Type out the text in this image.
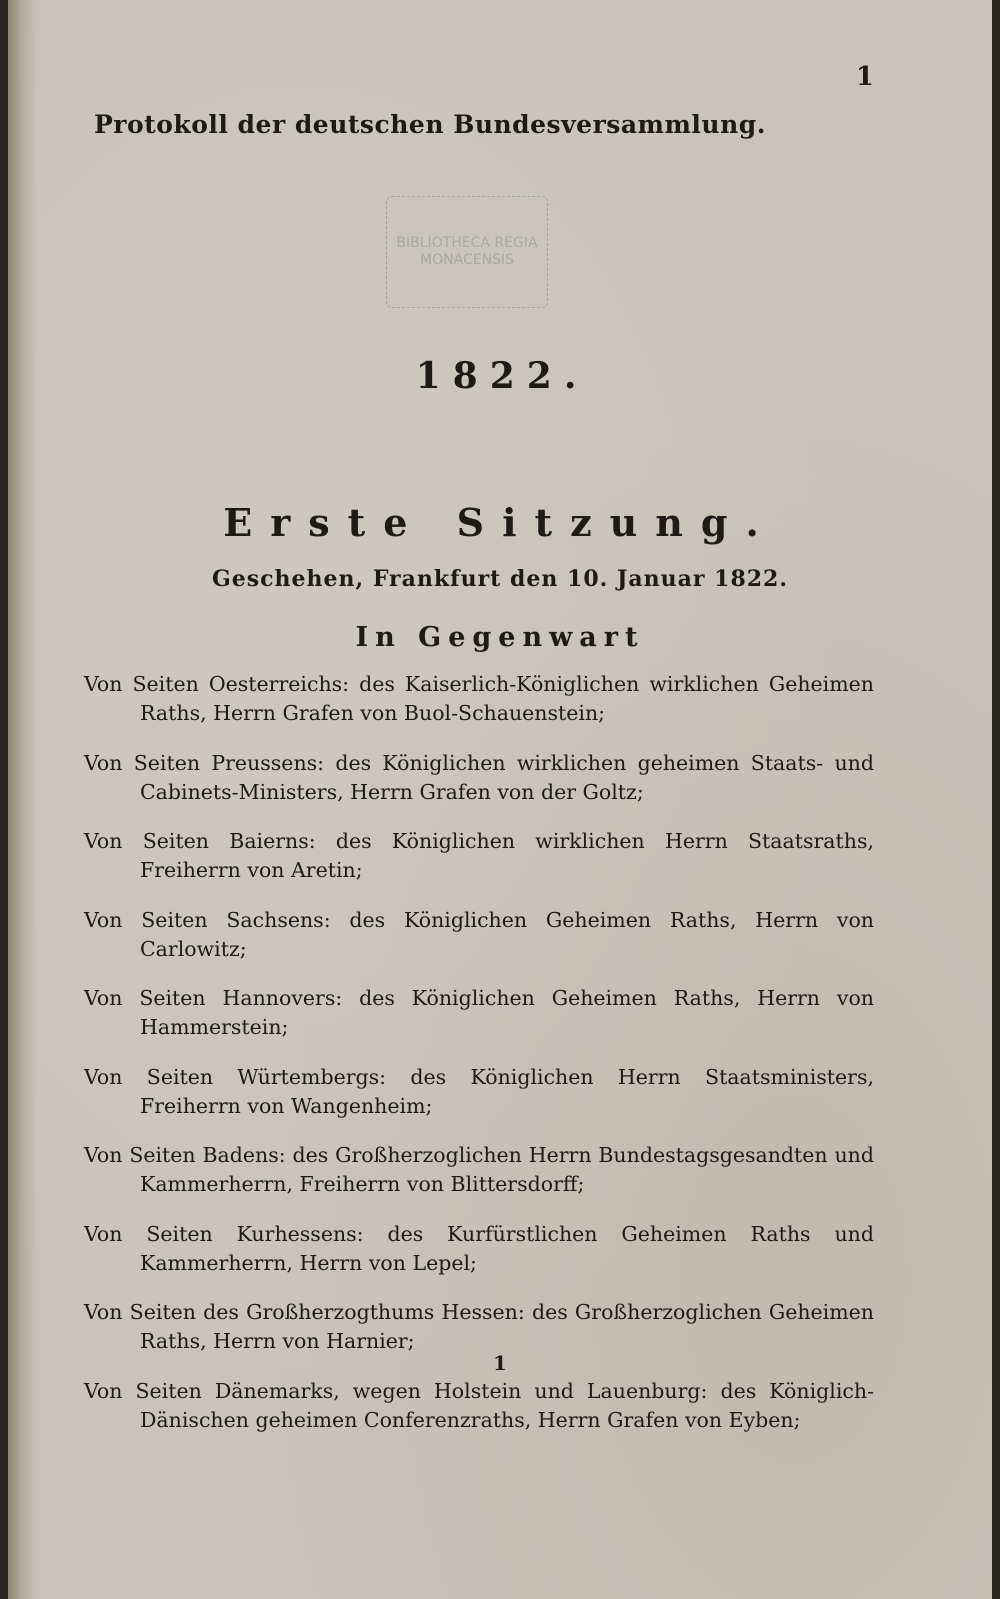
1
Protokoll der deutschen Bundesversammlung.
BIBLIOTHECA REGIA MONACENSIS
1822.
Erste Sitzung.
Geschehen, Frankfurt den 10. Januar 1822.
In Gegenwart

Von Seiten Oesterreichs: des Kaiserlich-Königlichen wirklichen Geheimen Raths, Herrn Grafen von Buol-Schauenstein;

Von Seiten Preussens: des Königlichen wirklichen geheimen Staats- und Cabinets-Ministers, Herrn Grafen von der Goltz;

Von Seiten Baierns: des Königlichen wirklichen Herrn Staatsraths, Freiherrn von Aretin;

Von Seiten Sachsens: des Königlichen Geheimen Raths, Herrn von Carlowitz;

Von Seiten Hannovers: des Königlichen Geheimen Raths, Herrn von Hammerstein;

Von Seiten Würtembergs: des Königlichen Herrn Staatsministers, Freiherrn von Wangenheim;

Von Seiten Badens: des Großherzoglichen Herrn Bundestagsgesandten und Kammerherrn, Freiherrn von Blittersdorff;

Von Seiten Kurhessens: des Kurfürstlichen Geheimen Raths und Kammerherrn, Herrn von Lepel;

Von Seiten des Großherzogthums Hessen: des Großherzoglichen Geheimen Raths, Herrn von Harnier;

Von Seiten Dänemarks, wegen Holstein und Lauenburg: des Königlich-Dänischen geheimen Conferenzraths, Herrn Grafen von Eyben;

1
